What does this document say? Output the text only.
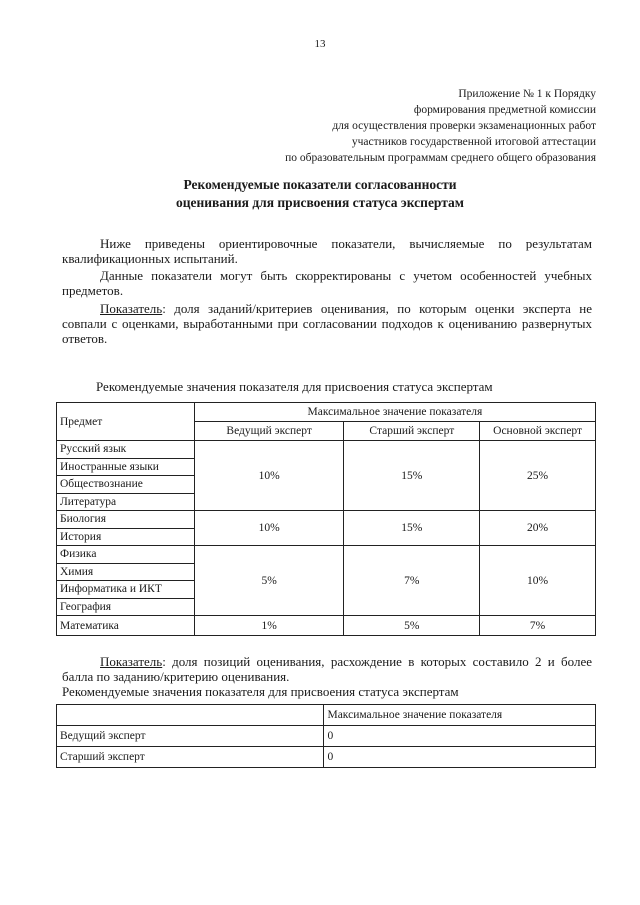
13
Приложение № 1 к Порядку
формирования предметной комиссии
для осуществления проверки экзаменационных работ
участников государственной итоговой аттестации
по образовательным программам среднего общего образования
Рекомендуемые показатели согласованности
оценивания для присвоения статуса экспертам
Ниже приведены ориентировочные показатели, вычисляемые по результатам квалификационных испытаний.
Данные показатели могут быть скорректированы с учетом особенностей учебных предметов.
Показатель: доля заданий/критериев оценивания, по которым оценки эксперта не совпали с оценками, выработанными при согласовании подходов к оцениванию развернутых ответов.
Рекомендуемые значения показателя для присвоения статуса экспертам
Предмет	Максимальное значение показателя		
	Ведущий эксперт	Старший эксперт	Основной эксперт
Русский язык	10%	15%	25%
Иностранные языки			
Обществознание			
Литература			
Биология	10%	15%	20%
История			
Физика	5%	7%	10%
Химия			
Информатика и ИКТ			
География			
Математика	1%	5%	7%
Показатель: доля позиций оценивания, расхождение в которых составило 2 и более балла по заданию/критерию оценивания.
Рекомендуемые значения показателя для присвоения статуса экспертам
	Максимальное значение показателя
Ведущий эксперт	0
Старший эксперт	0
